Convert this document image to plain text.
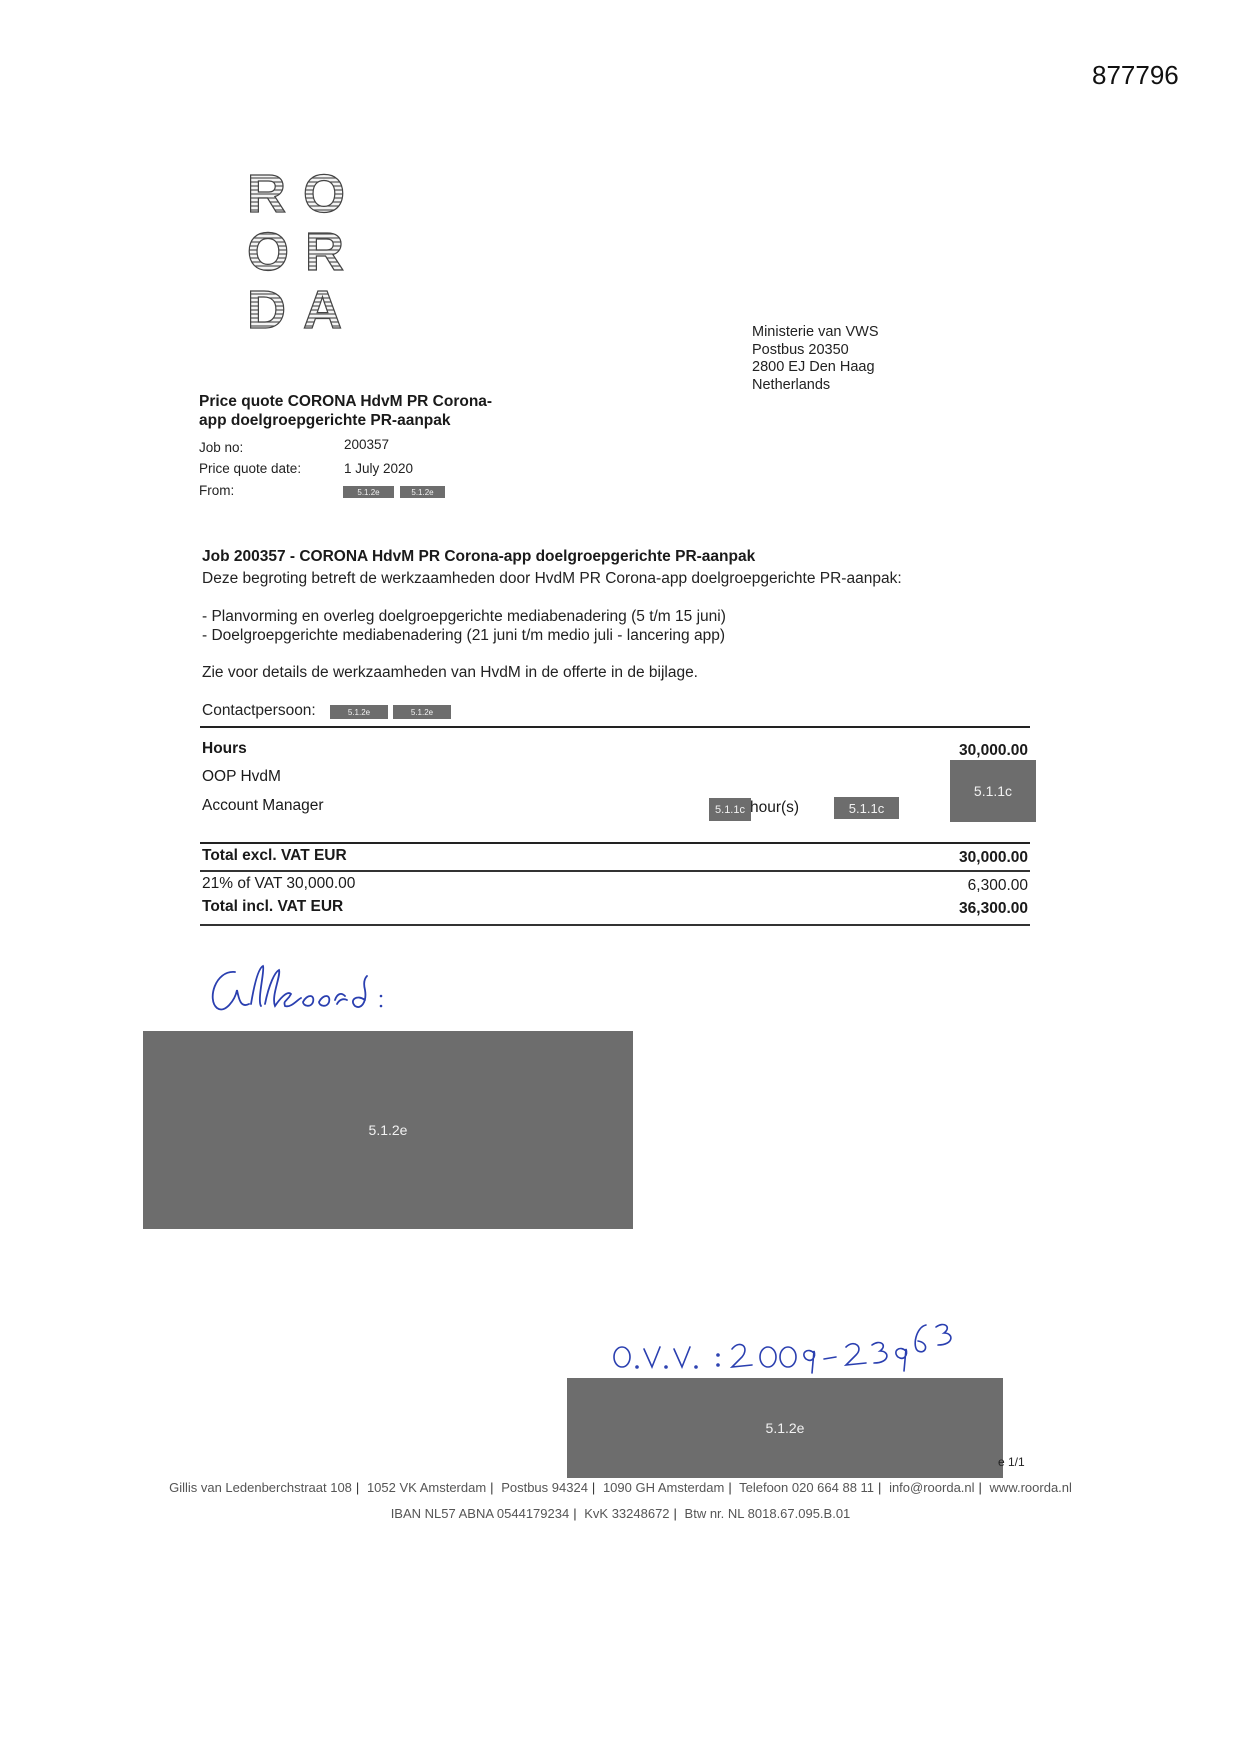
877796
R O
O R
D A	Ministerie van VWS
Postbus 20350
2800 EJ Den Haag
Netherlands
Price quote CORONA HdvM PR Corona-
app doelgroepgerichte PR-aanpak
Job no:	200357
Price quote date:	1 July 2020
From:	5.1.2e	5.1.2e
Job 200357 - CORONA HdvM PR Corona-app doelgroepgerichte PR-aanpak
Deze begroting betreft de werkzaamheden door HvdM PR Corona-app doelgroepgerichte PR-aanpak:
- Planvorming en overleg doelgroepgerichte mediabenadering (5 t/m 15 juni)
- Doelgroepgerichte mediabenadering (21 juni t/m medio juli - lancering app)
Zie voor details de werkzaamheden van HvdM in de offerte in de bijlage.
Contactpersoon:	5.1.2e	5.1.2e
Hours	30,000.00
OOP HvdM
Account Manager	5.1.1c hour(s)	5.1.1c
5.1.1c
Total excl. VAT EUR	30,000.00
21% of VAT 30,000.00	6,300.00
Total incl. VAT EUR	36,300.00
5.1.2e
5.1.2e
e 1/1
Gillis van Ledenberchstraat 108 | 1052 VK Amsterdam | Postbus 94324 | 1090 GH Amsterdam | Telefoon 020 664 88 11 | info@roorda.nl | www.roorda.nl
IBAN NL57 ABNA 0544179234 | KvK 33248672 | Btw nr. NL 8018.67.095.B.01
